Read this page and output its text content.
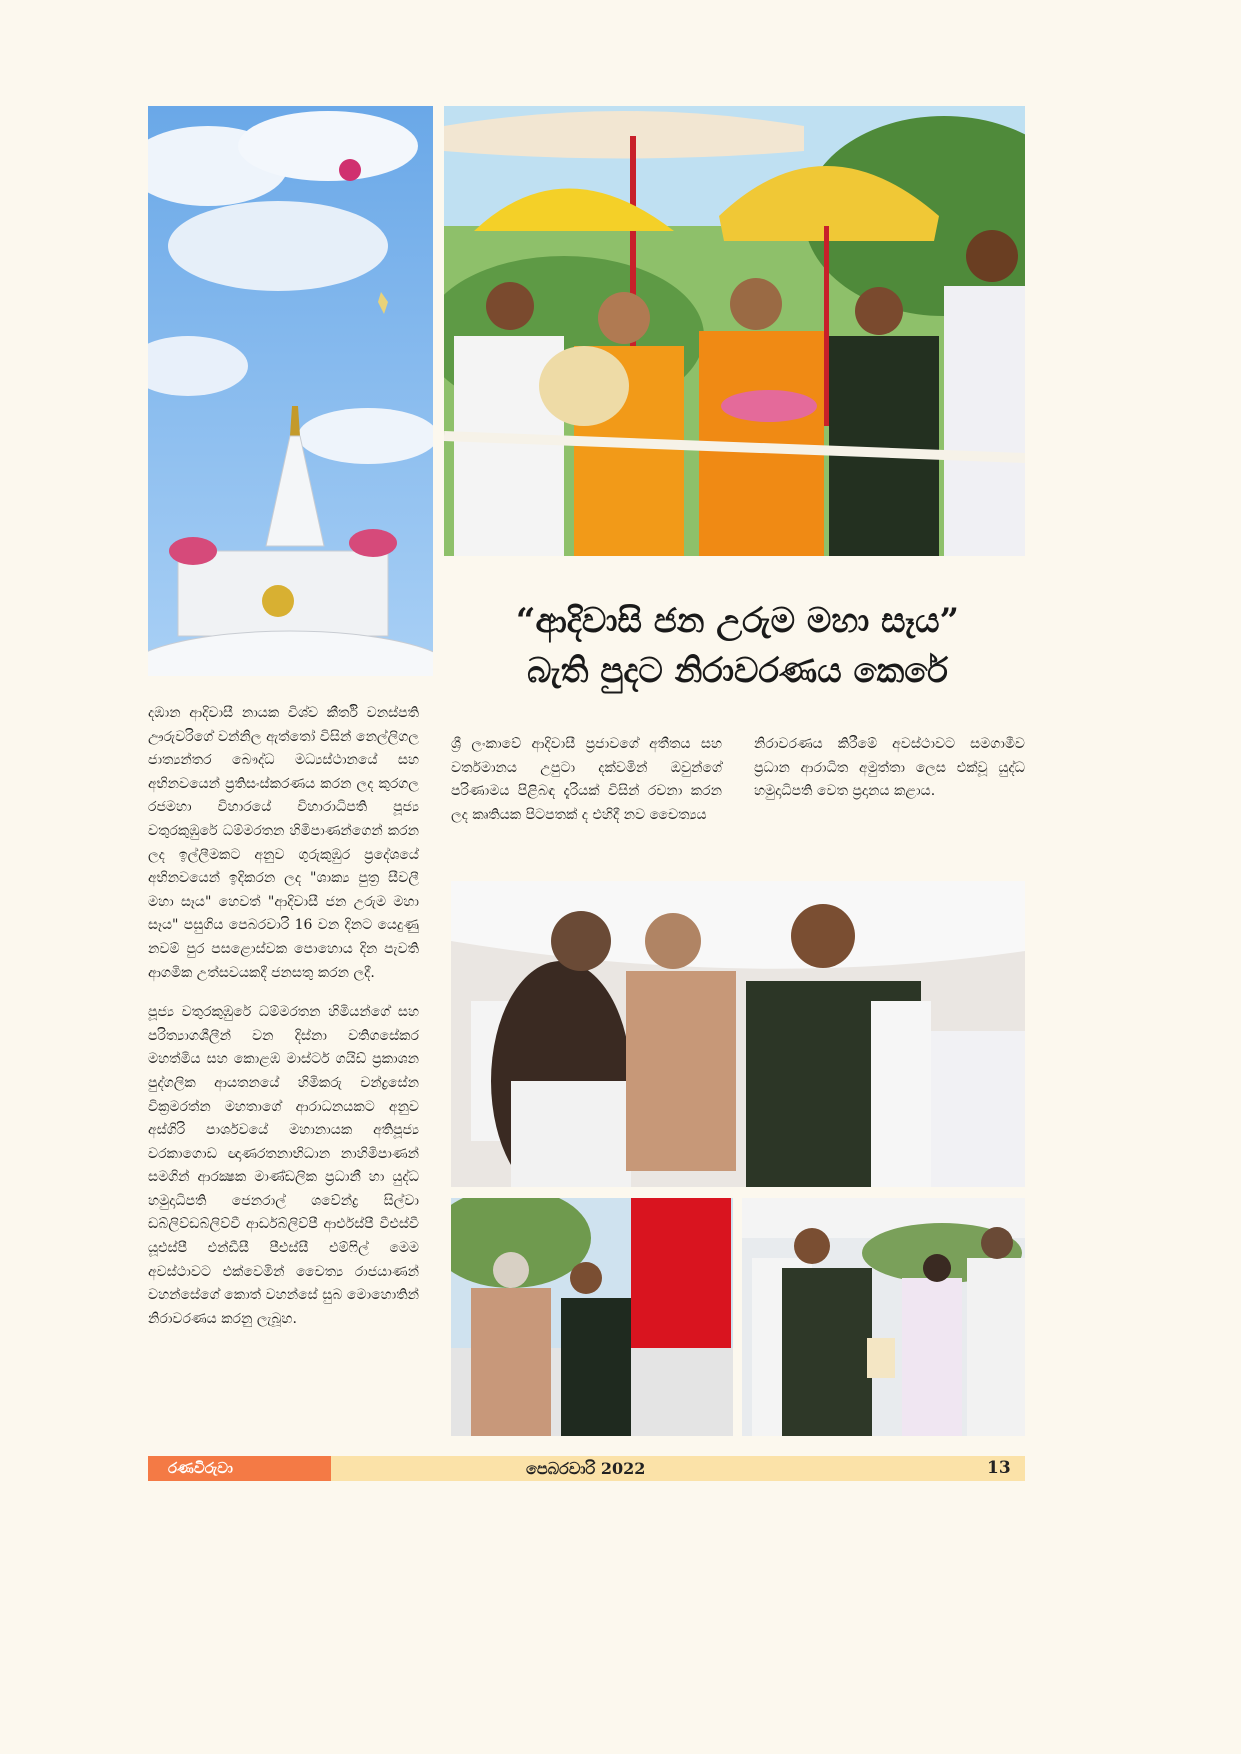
“ආදිවාසි ජන උරුම මහා සෑය”
බැති පුදට නිරාවරණය කෙරේ

දඹාන ආදිවාසී නායක විශ්ව කීර්ති වනස්පති ඌරුවරිගේ වන්නිල ඇත්තෝ විසින් නෙල්ලිගල ජාත්‍යන්තර බෞද්ධ මධ්‍යස්ථානයේ සහ අභිනවයෙන් ප්‍රතිසංස්කරණය කරන ලද කුරගල රජමහා විහාරයේ විහාරාධිපති පූජ්‍ය වතුරකුඹුරේ ධම්මරතන හිමිපාණන්ගෙන් කරන ලද ඉල්ලීමකට අනුව ගුරුකුඹුර ප්‍රදේශයේ අභිනවයෙන් ඉදිකරන ලද "ශාක්‍ය පුත්‍ර සීවලී මහා සෑය" හෙවත් "ආදිවාසී ජන උරුම මහා සෑය" පසුගිය පෙබරවාරි 16 වන දිනට යෙදුණු නවම් පුර පසළොස්වක පොහොය දින පැවති ආගමික උත්සවයකදී ජනසතු කරන ලදී.

පූජ්‍ය වතුරකුඹුරේ ධම්මරතන හිමියන්ගේ සහ පරිත්‍යාගශීලීන් වන දිස්නා වතිගසේකර මහත්මිය සහ කොළඹ මාස්ටර් ගයිඩ් ප්‍රකාශන පුද්ගලික ආයතනයේ හිමිකරු චන්ද්‍රසේන වික්‍රමරත්න මහතාගේ ආරාධනයකට අනුව අස්ගිරි පාර්ශවයේ මහානායක අතිපූජ්‍ය වරකාගොඩ ඥාණරතනාභිධාන නාහිමිපාණන් සමගින් ආරක්‍ෂක මාණ්ඩලික ප්‍රධානී හා යුද්ධ හමුදාධිපති ජෙනරාල් ශවේන්ද්‍ර සිල්වා ඩබ්ලිව්ඩබ්ලිව්වී ආර්ඩබ්ලිව්පී ආර්එස්පී වීඑස්වී යූඑස්පී එන්ඩීසී පීඑස්සී එම්ෆිල් මෙම අවස්ථාවට එක්වෙමින් චෛත්‍ය රාජයාණන් වහන්සේගේ කොත් වහන්සේ සුබ මොහොතින් නිරාවරණය කරනු ලැබූහ.

ශ්‍රී ලංකාවේ ආදිවාසී ප්‍රජාවගේ අතීතය සහ වර්තමානය උපුටා දක්වමින් ඔවුන්ගේ පරිණාමය පිළිබඳ දැරියක් විසින් රචනා කරන ලද කෘතියක පිටපතක් ද එහිදී නව චෛත්‍යය

නිරාවරණය කිරීමේ අවස්ථාවට සමගාමීව ප්‍රධාන ආරාධිත අමුත්තා ලෙස එක්වූ යුද්ධ හමුදාධිපති වෙත ප්‍රදානය කළාය.

රණවිරුවා	පෙබරවාරි 2022	13
